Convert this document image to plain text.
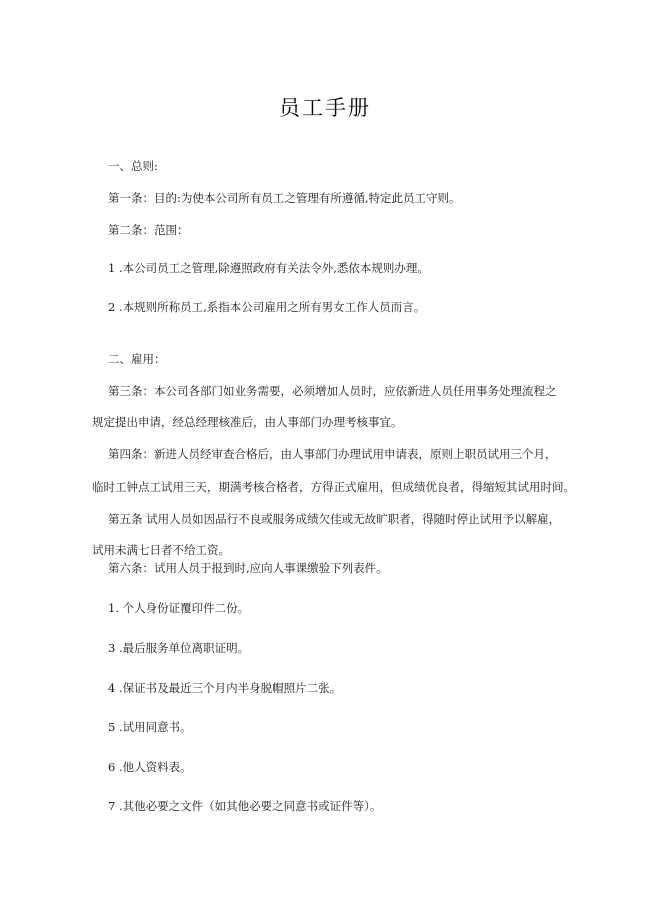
员工手册
一、总则:
第一条：目的:为使本公司所有员工之管理有所遵循,特定此员工守则。
第二条：范围：
1 .本公司员工之管理,除遵照政府有关法令外,悉依本规则办理。
2 .本规则所称员工,系指本公司雇用之所有男女工作人员而言。
二、雇用：
第三条：本公司各部门如业务需要，必须增加人员时，应依新进人员任用事务处理流程之
规定提出申请，经总经理核准后，由人事部门办理考核事宜。
第四条：新进人员经审查合格后，由人事部门办理试用申请表，原则上职员试用三个月，
临时工钟点工试用三天，期满考核合格者，方得正式雇用，但成绩优良者，得缩短其试用时间。
第五条 试用人员如因品行不良或服务成绩欠佳或无故旷职者，得随时停止试用予以解雇，
试用未满七日者不给工资。
第六条：试用人员于报到时,应向人事课缴验下列表件。
1. 个人身份证覆印件二份。
3 .最后服务单位离职证明。
4 .保证书及最近三个月内半身脱帽照片二张。
5 .试用同意书。
6 .他人资料表。
7 .其他必要之文件（如其他必要之同意书或证件等）。
